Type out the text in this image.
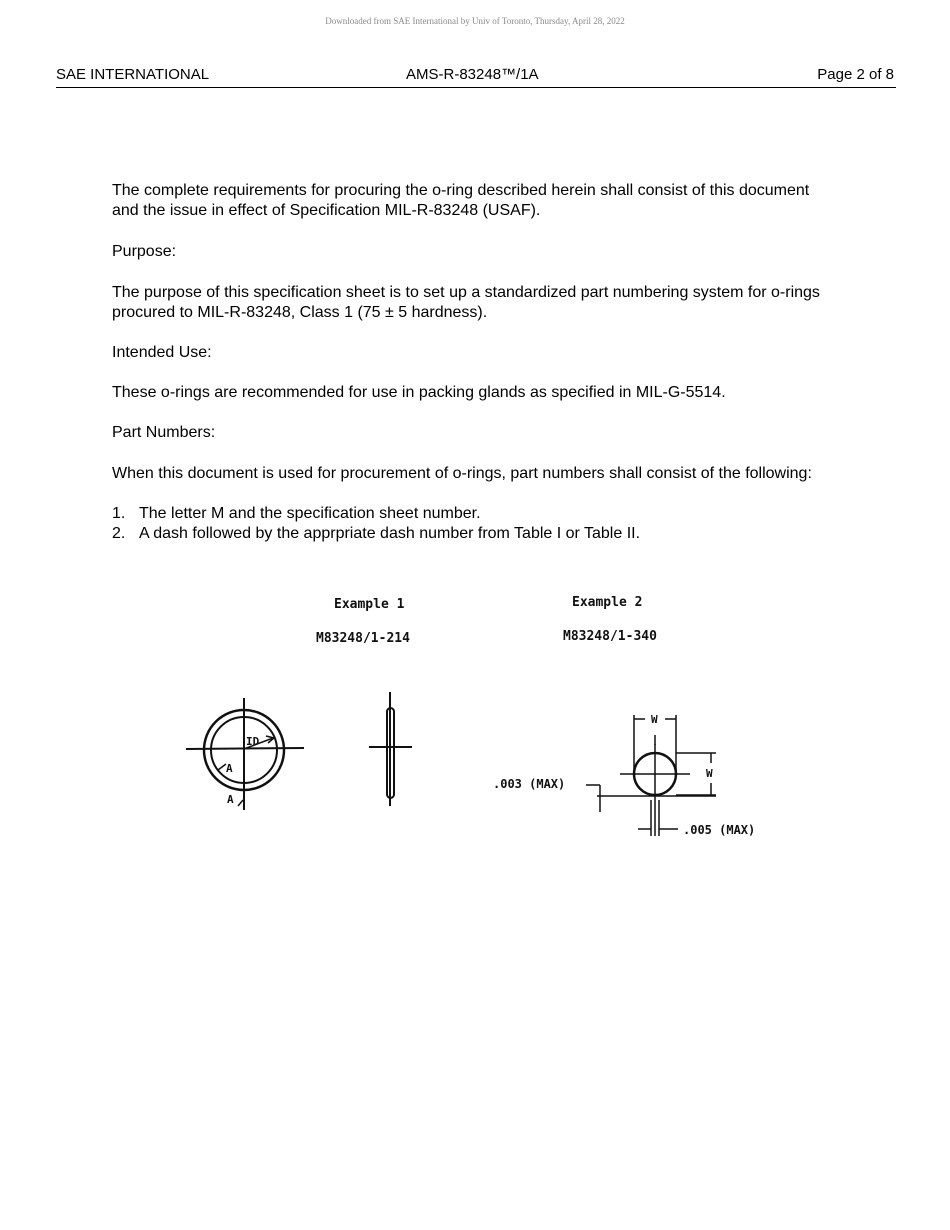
Downloaded from SAE International by Univ of Toronto, Thursday, April 28, 2022
SAE INTERNATIONAL	AMS-R-83248™/1A	Page 2 of 8
The complete requirements for procuring the o-ring described herein shall consist of this document
and the issue in effect of Specification MIL-R-83248 (USAF).
Purpose:
The purpose of this specification sheet is to set up a standardized part numbering system for o-rings
procured to MIL-R-83248, Class 1 (75 ± 5 hardness).
Intended Use:
These o-rings are recommended for use in packing glands as specified in MIL-G-5514.
Part Numbers:
When this document is used for procurement of o-rings, part numbers shall consist of the following:
1. The letter M and the specification sheet number.
2. A dash followed by the apprpriate dash number from Table I or Table II.
Example 1
M83248/1-214
Example 2
M83248/1-340
ID
A
A
W
W
.003 (MAX)
.005 (MAX)
